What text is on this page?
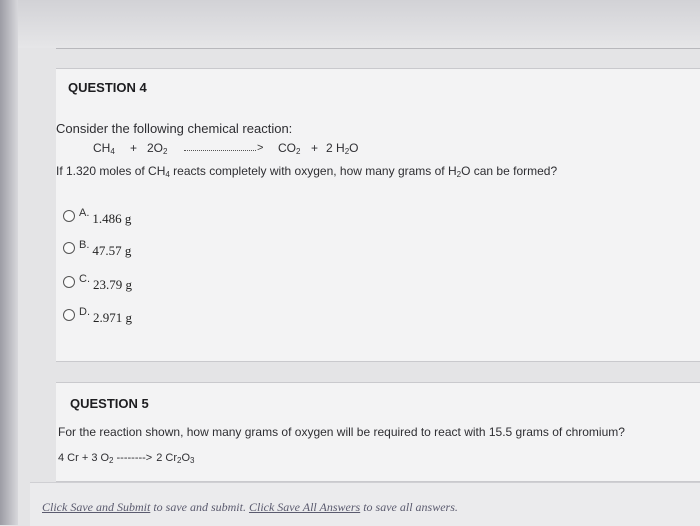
QUESTION 4
Consider the following chemical reaction:
$CH_4 + 2O_2$	> $CO_2 + 2$ $H_2O$
If 1.320 moles of $CH_4$ reacts completely with oxygen, how many grams of $H_2O$ can be formed?
A. 1.486 g
B. 47.57 g
C. 23.79 g
D. 2.971 g
QUESTION 5
For the reaction shown, how many grams of oxygen will be required to react with 15.5 grams of chromium?
4 Cr + 3 $O_2$ --------> 2 $Cr_2O_3$
Click Save and Submit to save and submit. Click Save All Answers to save all answers.
